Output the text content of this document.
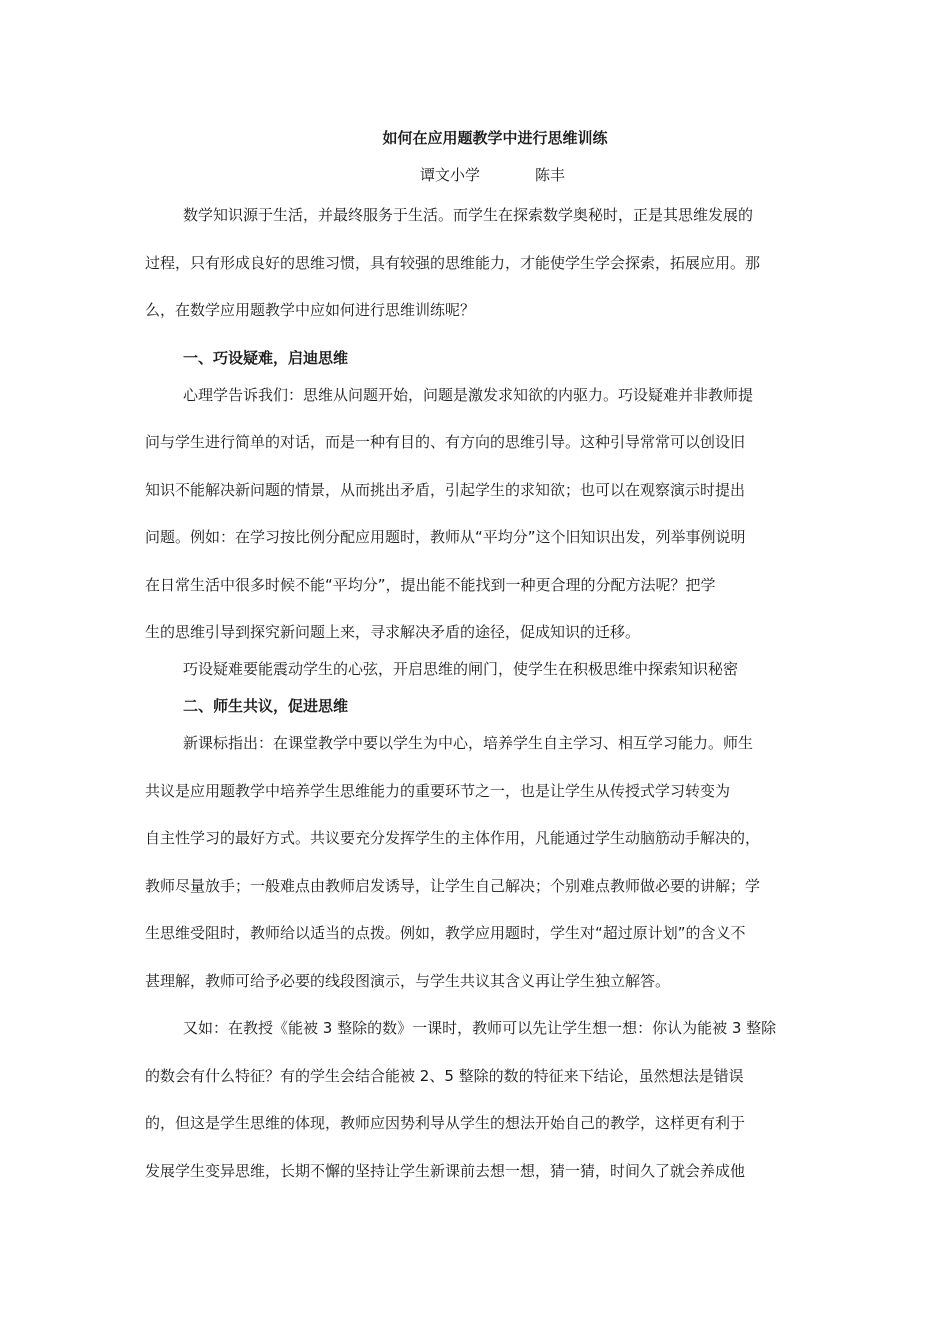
如何在应用题教学中进行思维训练
谭文小学	陈丰
数学知识源于生活，并最终服务于生活。而学生在探索数学奥秘时，正是其思维发展的
过程，只有形成良好的思维习惯，具有较强的思维能力，才能使学生学会探索，拓展应用。那
么，在数学应用题教学中应如何进行思维训练呢？
一、巧设疑难，启迪思维
心理学告诉我们：思维从问题开始，问题是激发求知欲的内驱力。巧设疑难并非教师提
问与学生进行简单的对话，而是一种有目的、有方向的思维引导。这种引导常常可以创设旧
知识不能解决新问题的情景，从而挑出矛盾，引起学生的求知欲；也可以在观察演示时提出
问题。例如：在学习按比例分配应用题时，教师从“平均分”这个旧知识出发，列举事例说明
在日常生活中很多时候不能“平均分”，提出能不能找到一种更合理的分配方法呢？把学
生的思维引导到探究新问题上来，寻求解决矛盾的途径，促成知识的迁移。
巧设疑难要能震动学生的心弦，开启思维的闸门，使学生在积极思维中探索知识秘密
二、师生共议，促进思维
新课标指出：在课堂教学中要以学生为中心，培养学生自主学习、相互学习能力。师生
共议是应用题教学中培养学生思维能力的重要环节之一，也是让学生从传授式学习转变为
自主性学习的最好方式。共议要充分发挥学生的主体作用，凡能通过学生动脑筋动手解决的，
教师尽量放手；一般难点由教师启发诱导，让学生自己解决；个别难点教师做必要的讲解；学
生思维受阻时，教师给以适当的点拨。例如，教学应用题时，学生对“超过原计划”的含义不
甚理解，教师可给予必要的线段图演示，与学生共议其含义再让学生独立解答。
又如：在教授《能被 3 整除的数》一课时，教师可以先让学生想一想：你认为能被 3 整除
的数会有什么特征？有的学生会结合能被 2、5 整除的数的特征来下结论，虽然想法是错误
的，但这是学生思维的体现，教师应因势利导从学生的想法开始自己的教学，这样更有利于
发展学生变异思维，长期不懈的坚持让学生新课前去想一想，猜一猜，时间久了就会养成他
